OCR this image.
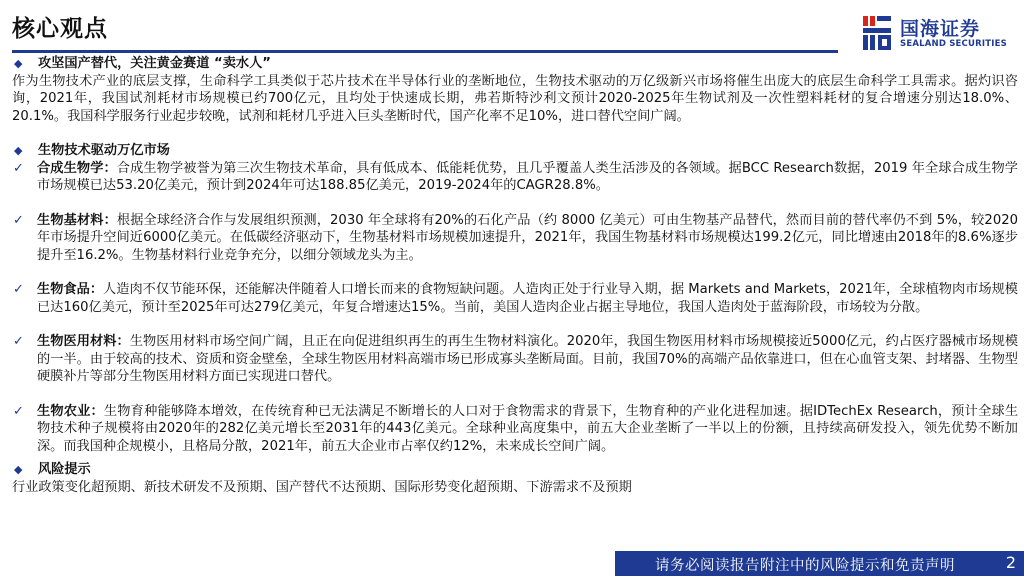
核心观点	国海证券
SEALAND SECURITIES
◆	攻坚国产替代，关注黄金赛道 “卖水人”
作为生物技术产业的底层支撑，生命科学工具类似于芯片技术在半导体行业的垄断地位，生物技术驱动的万亿级新兴市场将催生出庞大的底层生命科学工具需求。据灼识咨询，2021年，我国试剂耗材市场规模已约700亿元，且均处于快速成长期，弗若斯特沙利文预计2020-2025年生物试剂及一次性塑料耗材的复合增速分别达18.0%、20.1%。我国科学服务行业起步较晚，试剂和耗材几乎进入巨头垄断时代，国产化率不足10%，进口替代空间广阔。
◆	生物技术驱动万亿市场
✓ 合成生物学：合成生物学被誉为第三次生物技术革命，具有低成本、低能耗优势，且几乎覆盖人类生活涉及的各领域。据BCC Research数据，2019 年全球合成生物学市场规模已达53.20亿美元，预计到2024年可达188.85亿美元，2019-2024年的CAGR28.8%。
✓ 生物基材料：根据全球经济合作与发展组织预测，2030 年全球将有20%的石化产品（约 8000 亿美元）可由生物基产品替代，然而目前的替代率仍不到 5%，较2020年市场提升空间近6000亿美元。在低碳经济驱动下，生物基材料市场规模加速提升，2021年，我国生物基材料市场规模达199.2亿元，同比增速由2018年的8.6%逐步提升至16.2%。生物基材料行业竞争充分，以细分领域龙头为主。
✓ 生物食品：人造肉不仅节能环保，还能解决伴随着人口增长而来的食物短缺问题。人造肉正处于行业导入期，据 Markets and Markets，2021年，全球植物肉市场规模已达160亿美元，预计至2025年可达279亿美元，年复合增速达15%。当前，美国人造肉企业占据主导地位，我国人造肉处于蓝海阶段，市场较为分散。
✓ 生物医用材料：生物医用材料市场空间广阔，且正在向促进组织再生的再生生物材料演化。2020年，我国生物医用材料市场规模接近5000亿元，约占医疗器械市场规模的一半。由于较高的技术、资质和资金壁垒，全球生物医用材料高端市场已形成寡头垄断局面。目前，我国70%的高端产品依靠进口，但在心血管支架、封堵器、生物型硬膜补片等部分生物医用材料方面已实现进口替代。
✓ 生物农业：生物育种能够降本增效，在传统育种已无法满足不断增长的人口对于食物需求的背景下，生物育种的产业化进程加速。据IDTechEx Research，预计全球生物技术种子规模将由2020年的282亿美元增长至2031年的443亿美元。全球种业高度集中，前五大企业垄断了一半以上的份额，且持续高研发投入，领先优势不断加深。而我国种企规模小，且格局分散，2021年，前五大企业市占率仅约12%，未来成长空间广阔。
◆	风险提示
行业政策变化超预期、新技术研发不及预期、国产替代不达预期、国际形势变化超预期、下游需求不及预期
请务必阅读报告附注中的风险提示和免责声明	2
